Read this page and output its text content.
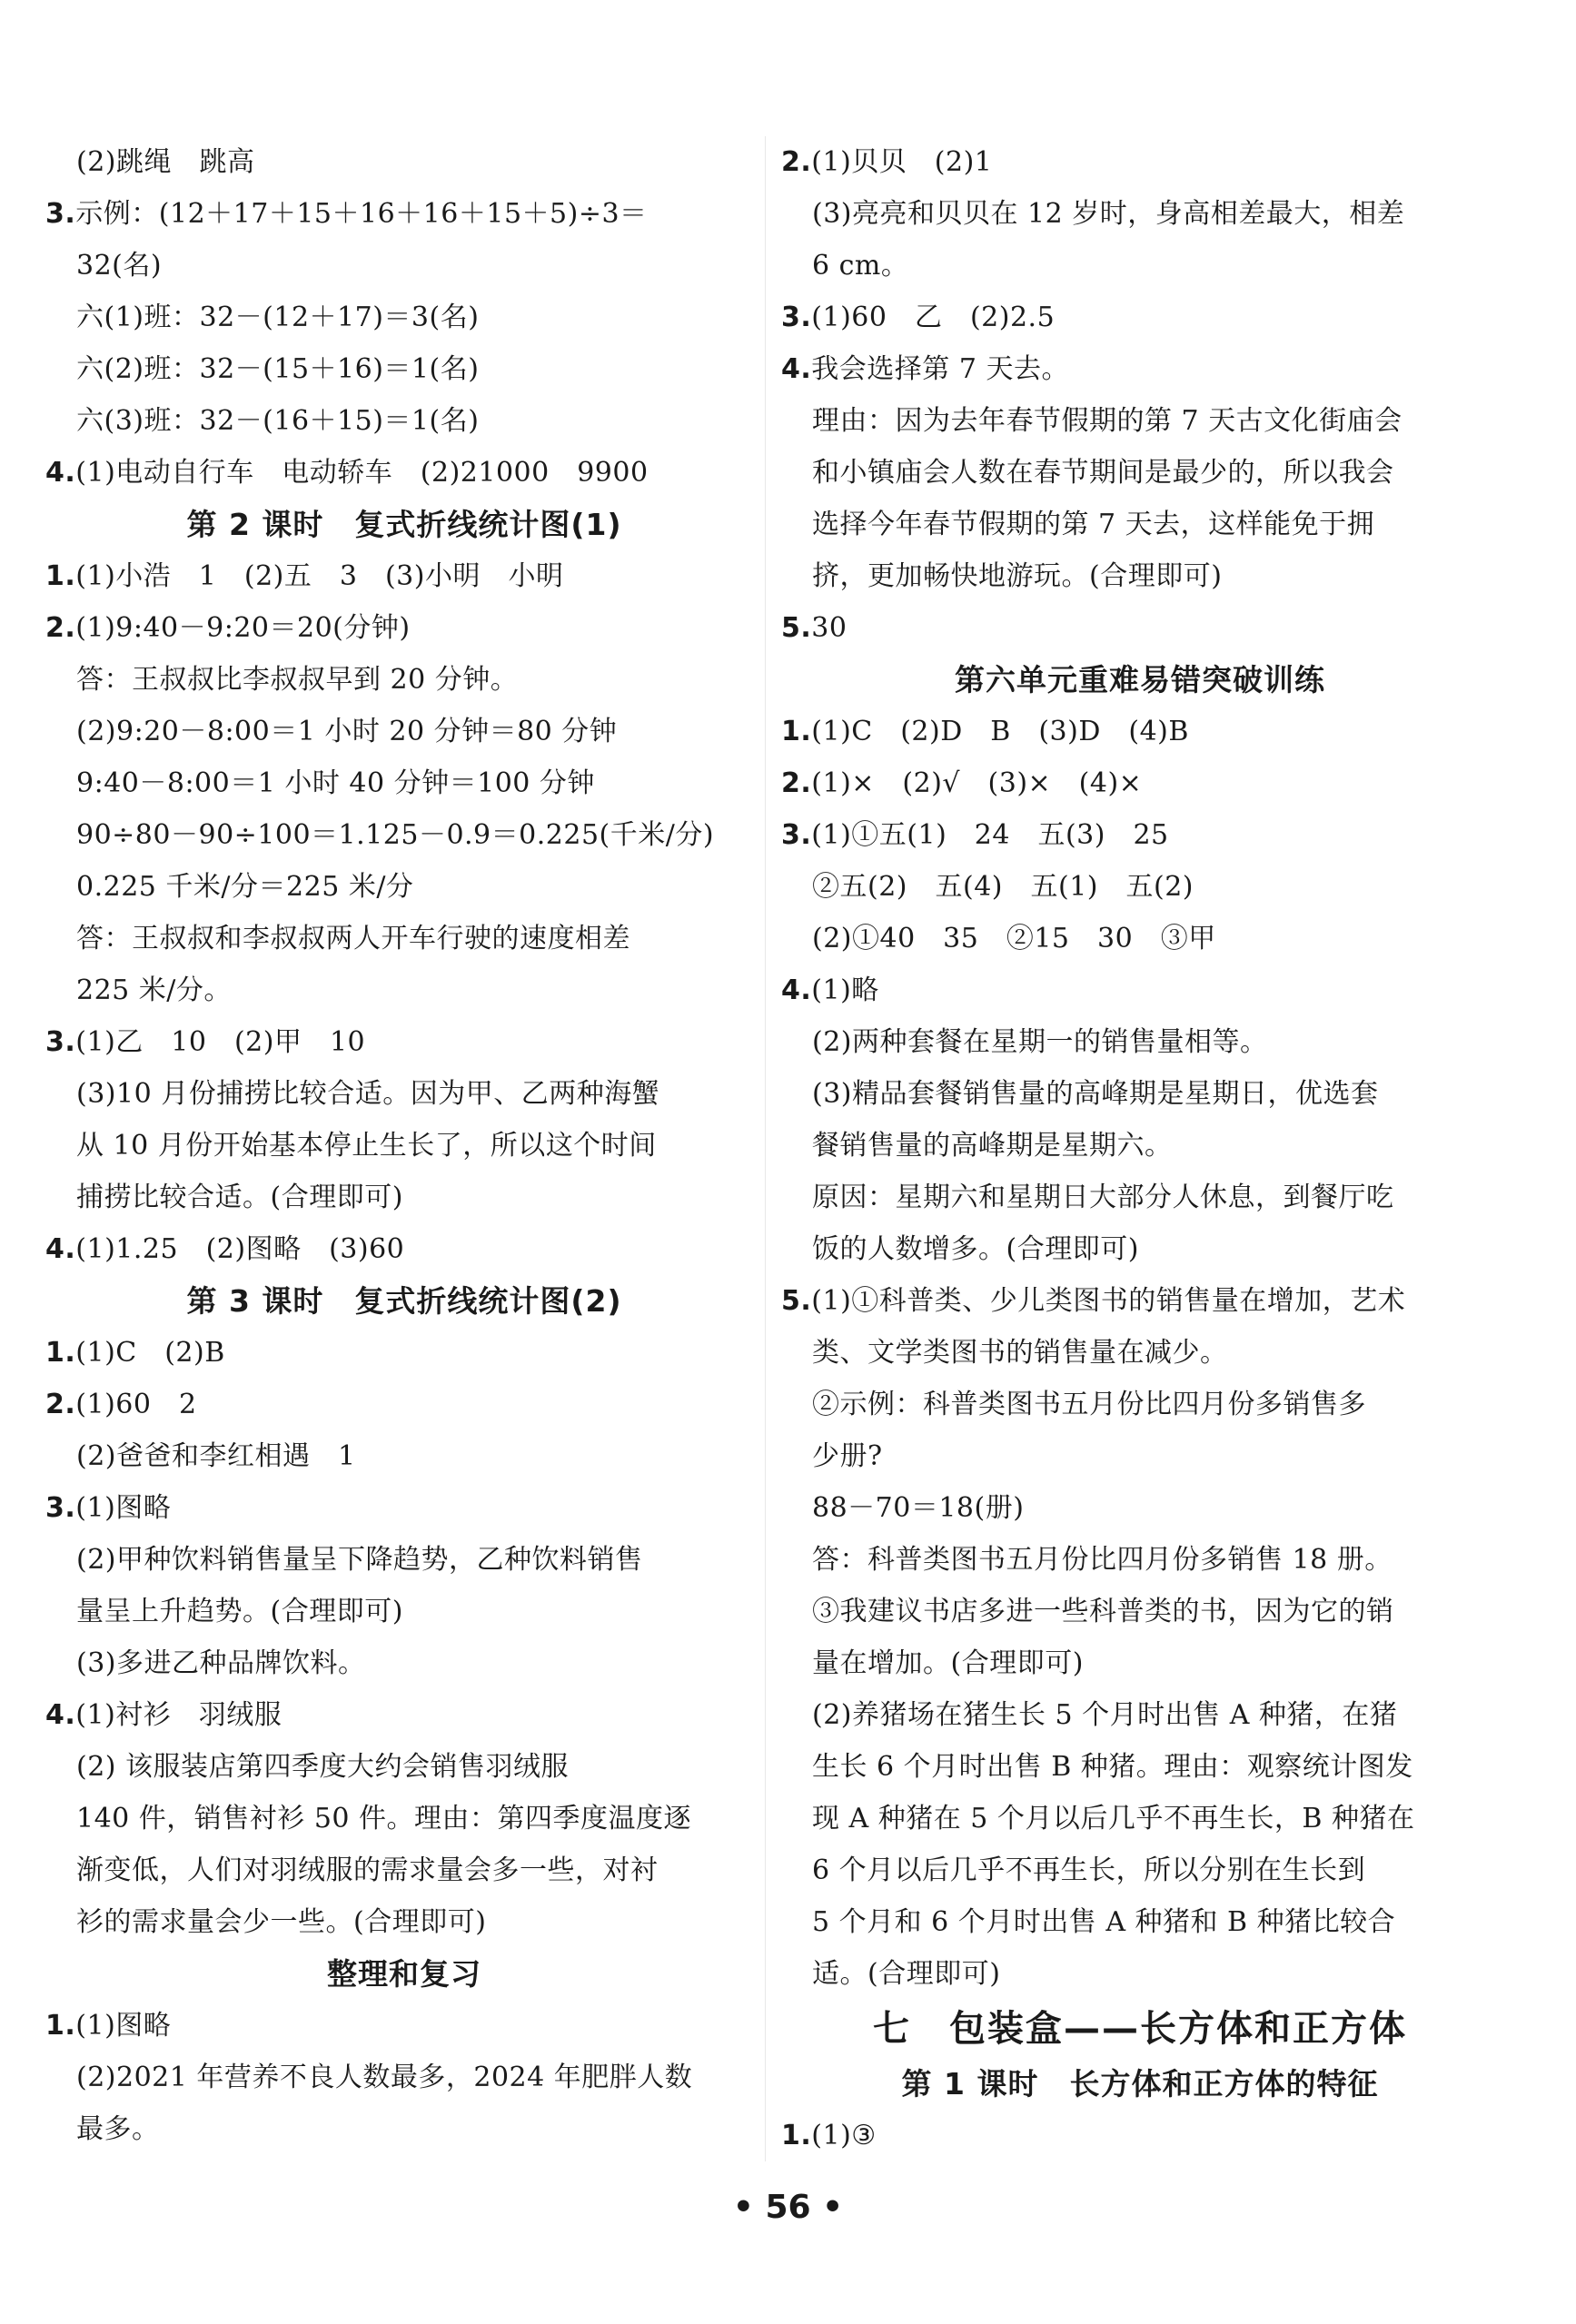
(2)跳绳　跳高
3.示例：(12＋17＋15＋16＋16＋15＋5)÷3＝
32(名)
六(1)班：32－(12＋17)＝3(名)
六(2)班：32－(15＋16)＝1(名)
六(3)班：32－(16＋15)＝1(名)
4.(1)电动自行车　电动轿车　(2)21000　9900
第 2 课时 复式折线统计图(1)
1.(1)小浩　1　(2)五　3　(3)小明　小明
2.(1)9:40－9:20＝20(分钟)
答：王叔叔比李叔叔早到 20 分钟。
(2)9:20－8:00＝1 小时 20 分钟＝80 分钟
9:40－8:00＝1 小时 40 分钟＝100 分钟
90÷80－90÷100＝1.125－0.9＝0.225(千米/分)
0.225 千米/分＝225 米/分
答：王叔叔和李叔叔两人开车行驶的速度相差
225 米/分。
3.(1)乙　10　(2)甲　10
(3)10 月份捕捞比较合适。因为甲、乙两种海蟹
从 10 月份开始基本停止生长了，所以这个时间
捕捞比较合适。(合理即可)
4.(1)1.25　(2)图略　(3)60
第 3 课时 复式折线统计图(2)
1.(1)C　(2)B
2.(1)60　2
(2)爸爸和李红相遇　1
3.(1)图略
(2)甲种饮料销售量呈下降趋势，乙种饮料销售
量呈上升趋势。(合理即可)
(3)多进乙种品牌饮料。
4.(1)衬衫　羽绒服
(2) 该服装店第四季度大约会销售羽绒服
140 件，销售衬衫 50 件。理由：第四季度温度逐
渐变低，人们对羽绒服的需求量会多一些，对衬
衫的需求量会少一些。(合理即可)
整理和复习
1.(1)图略
(2)2021 年营养不良人数最多，2024 年肥胖人数
最多。
2.(1)贝贝　(2)1
(3)亮亮和贝贝在 12 岁时，身高相差最大，相差
6 cm。
3.(1)60　乙　(2)2.5
4.我会选择第 7 天去。
理由：因为去年春节假期的第 7 天古文化街庙会
和小镇庙会人数在春节期间是最少的，所以我会
选择今年春节假期的第 7 天去，这样能免于拥
挤，更加畅快地游玩。(合理即可)
5.30
第六单元重难易错突破训练
1.(1)C　(2)D　B　(3)D　(4)B
2.(1)×　(2)√　(3)×　(4)×
3.(1)①五(1)　24　五(3)　25
②五(2)　五(4)　五(1)　五(2)
(2)①40　35　②15　30　③甲
4.(1)略
(2)两种套餐在星期一的销售量相等。
(3)精品套餐销售量的高峰期是星期日，优选套
餐销售量的高峰期是星期六。
原因：星期六和星期日大部分人休息，到餐厅吃
饭的人数增多。(合理即可)
5.(1)①科普类、少儿类图书的销售量在增加，艺术
类、文学类图书的销售量在减少。
②示例：科普类图书五月份比四月份多销售多
少册?
88－70＝18(册)
答：科普类图书五月份比四月份多销售 18 册。
③我建议书店多进一些科普类的书，因为它的销
量在增加。(合理即可)
(2)养猪场在猪生长 5 个月时出售 A 种猪，在猪
生长 6 个月时出售 B 种猪。理由：观察统计图发
现 A 种猪在 5 个月以后几乎不再生长，B 种猪在
6 个月以后几乎不再生长，所以分别在生长到
5 个月和 6 个月时出售 A 种猪和 B 种猪比较合
适。(合理即可)
七　包装盒——长方体和正方体
第 1 课时 长方体和正方体的特征
1.(1)③
• 56 •
